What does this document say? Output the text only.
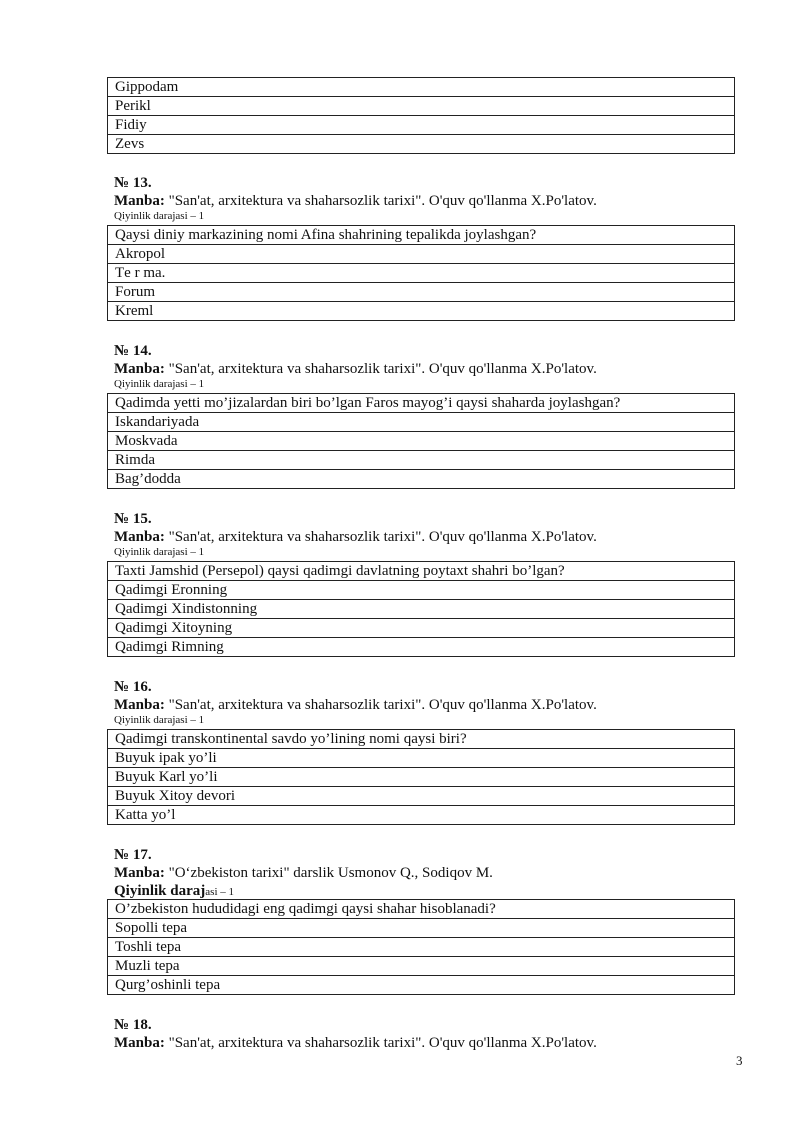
Gippodam
Perikl
Fidiy
Zevs
№ 13.
Manba: "San'at, arxitektura va shaharsozlik tarixi". O'quv qo'llanma X.Po'latov.
Qiyinlik darajasi – 1
Qaysi diniy markazining nomi Afina shahrining tepalikda joylashgan?
Akropol
Tе r ma.
Forum
Kreml
№ 14.
Manba: "San'at, arxitektura va shaharsozlik tarixi". O'quv qo'llanma X.Po'latov.
Qiyinlik darajasi – 1
Qadimda yetti mo’jizalardan biri bo’lgan Faros mayog’i qaysi shaharda joylashgan?
Iskandariyada
Moskvada
Rimda
Bag’dodda
№ 15.
Manba: "San'at, arxitektura va shaharsozlik tarixi". O'quv qo'llanma X.Po'latov.
Qiyinlik darajasi – 1
Taxti Jamshid (Persepol) qaysi qadimgi davlatning poytaxt shahri bo’lgan?
Qadimgi Eronning
Qadimgi Xindistonning
Qadimgi Xitoyning
Qadimgi Rimning
№ 16.
Manba: "San'at, arxitektura va shaharsozlik tarixi". O'quv qo'llanma X.Po'latov.
Qiyinlik darajasi – 1
Qadimgi transkontinental savdo yo’lining nomi qaysi biri?
Buyuk ipak yo’li
Buyuk Karl yo’li
Buyuk Xitoy devori
Katta yo’l
№ 17.
Manba: "O‘zbekiston tarixi" darslik Usmonov Q., Sodiqov M.
Qiyinlik darajasi – 1
O’zbekiston hududidagi eng qadimgi qaysi shahar hisoblanadi?
Sopolli tepa
Toshli tepa
Muzli tepa
Qurg’oshinli tepa
№ 18.
Manba: "San'at, arxitektura va shaharsozlik tarixi". O'quv qo'llanma X.Po'latov.
3
